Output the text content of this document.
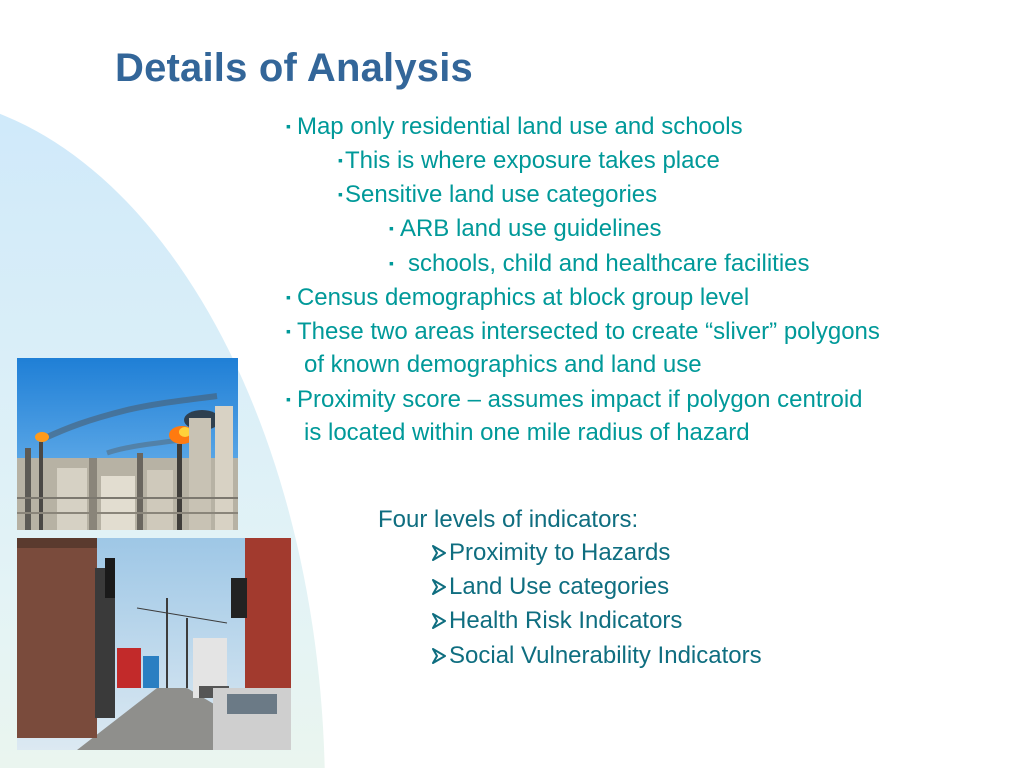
Details of Analysis
▪ Map only residential land use and schools
▪This is where exposure takes place
▪Sensitive land use categories
▪ ARB land use guidelines
▪ schools, child and healthcare facilities
▪ Census demographics at block group level
▪ These two areas intersected to create “sliver” polygons
of known demographics and land use
▪ Proximity score – assumes impact if polygon centroid
is located within one mile radius of hazard
Four levels of indicators:
Proximity to Hazards
Land Use categories
Health Risk Indicators
Social Vulnerability Indicators
